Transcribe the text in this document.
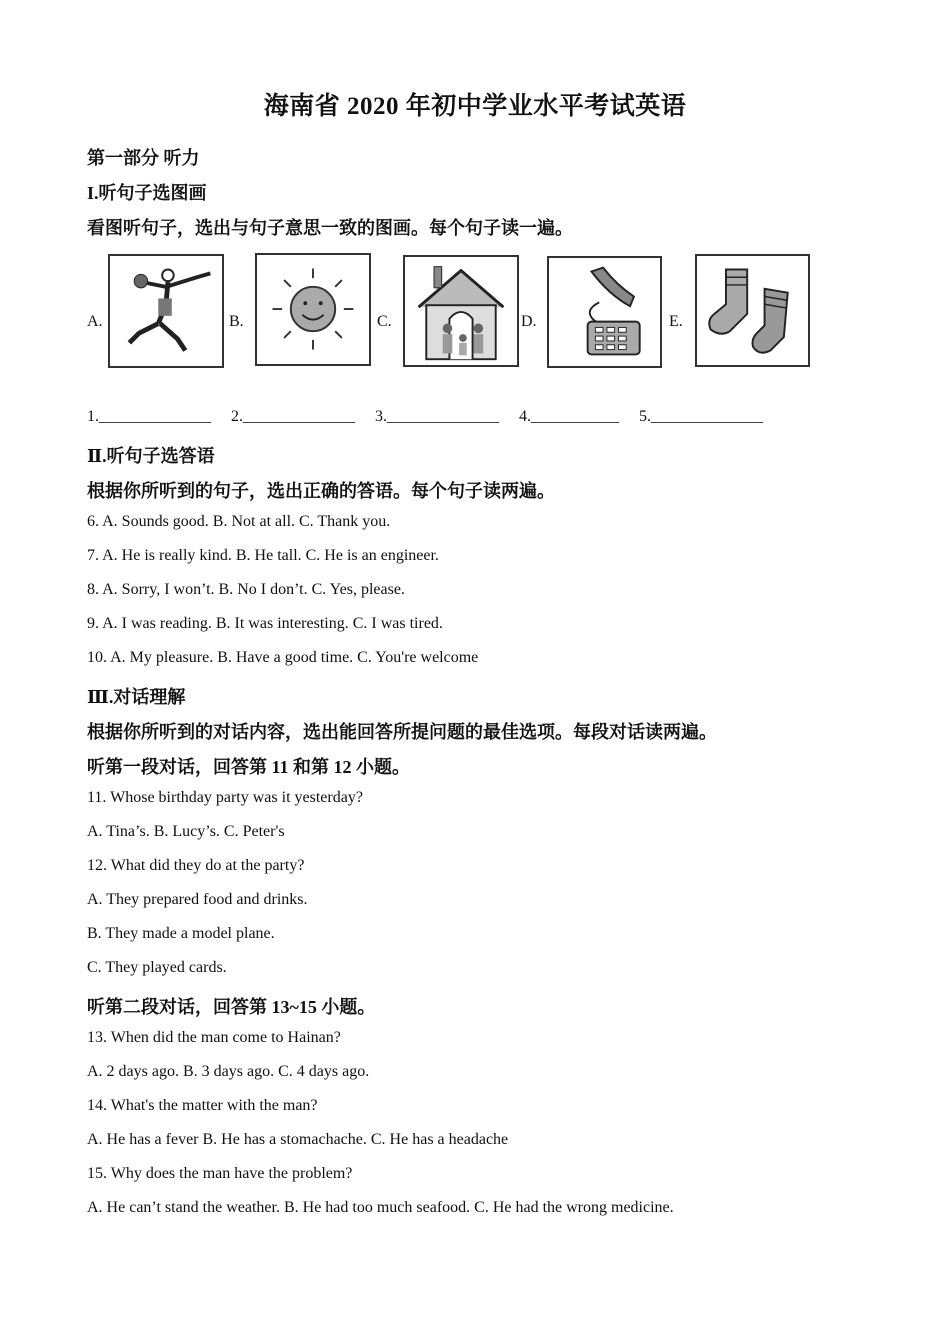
海南省 2020 年初中学业水平考试英语
第一部分 听力
I.听句子选图画
看图听句子，选出与句子意思一致的图画。每个句子读一遍。
A.	B.	C.	D.	E.
1.______________ 2.______________ 3.______________ 4.___________ 5.______________
Ⅱ.听句子选答语
根据你所听到的句子，选出正确的答语。每个句子读两遍。
6. A. Sounds good. B. Not at all. C. Thank you.
7. A. He is really kind. B. He tall. C. He is an engineer.
8. A. Sorry, I won’t. B. No I don’t. C. Yes, please.
9. A. I was reading. B. It was interesting. C. I was tired.
10. A. My pleasure. B. Have a good time. C. You're welcome
Ⅲ.对话理解
根据你所听到的对话内容，选出能回答所提问题的最佳选项。每段对话读两遍。
听第一段对话，回答第 11 和第 12 小题。
11. Whose birthday party was it yesterday?
A. Tina’s. B. Lucy’s. C. Peter's
12. What did they do at the party?
A. They prepared food and drinks.
B. They made a model plane.
C. They played cards.
听第二段对话，回答第 13~15 小题。
13. When did the man come to Hainan?
A. 2 days ago. B. 3 days ago. C. 4 days ago.
14. What's the matter with the man?
A. He has a fever B. He has a stomachache. C. He has a headache
15. Why does the man have the problem?
A. He can’t stand the weather. B. He had too much seafood. C. He had the wrong medicine.
